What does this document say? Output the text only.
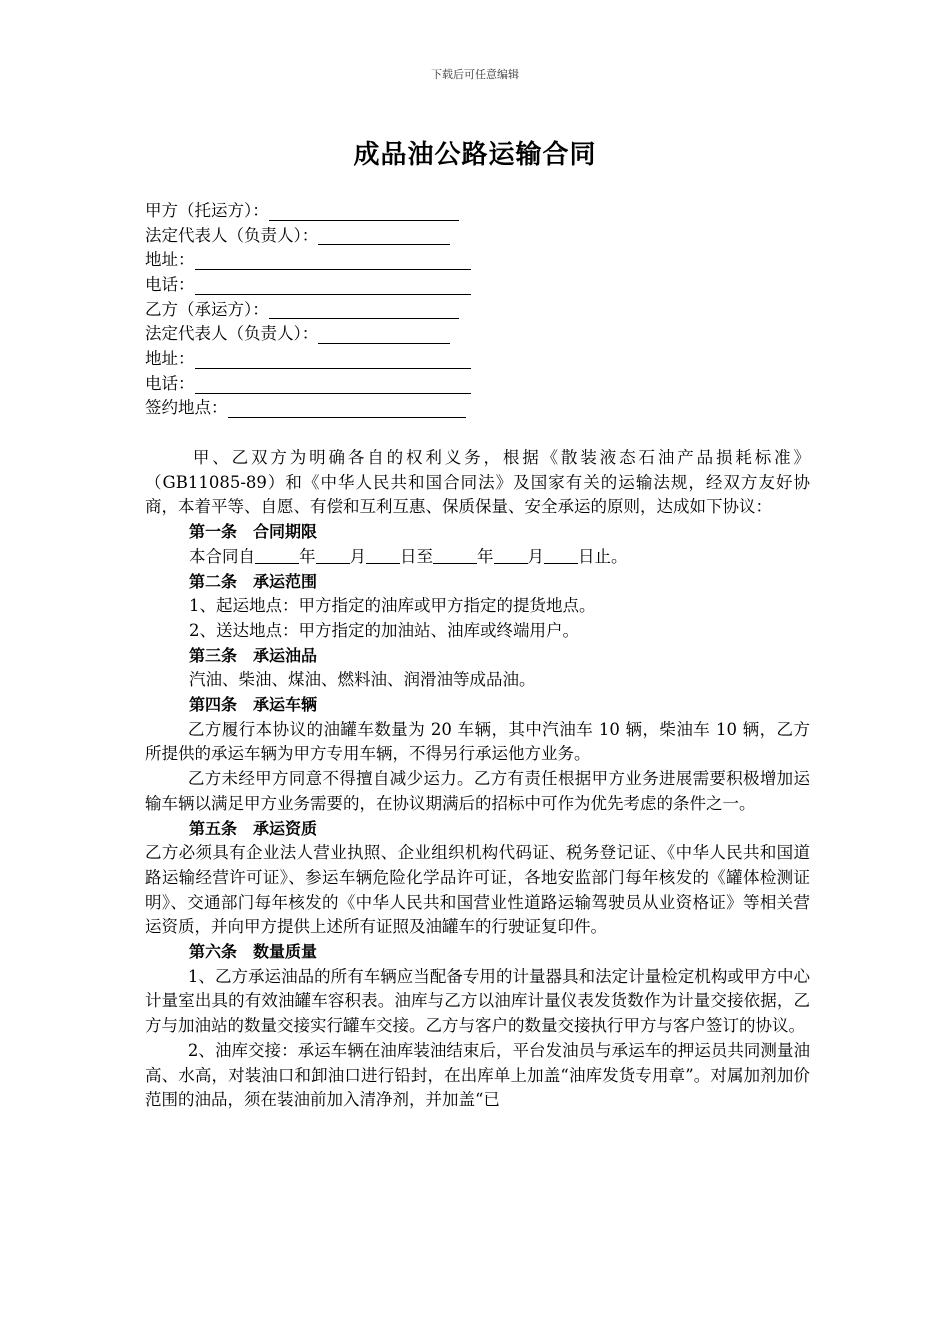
下载后可任意编辑
成品油公路运输合同
甲方（托运方）：
法定代表人（负责人）：
地址：
电话：
乙方（承运方）：
法定代表人（负责人）：
地址：
电话：
签约地点：

甲、乙双方为明确各自的权利义务，根据《散装液态石油产品损耗标准》（GB11085-89）和《中华人民共和国合同法》及国家有关的运输法规，经双方友好协商，本着平等、自愿、有偿和互利互惠、保质保量、安全承运的原则，达成如下协议：

第一条　合同期限

本合同自	年 月 日至	年 月 日止。

第二条　承运范围

1、起运地点：甲方指定的油库或甲方指定的提货地点。

2、送达地点：甲方指定的加油站、油库或终端用户。

第三条　承运油品

汽油、柴油、煤油、燃料油、润滑油等成品油。

第四条　承运车辆

乙方履行本协议的油罐车数量为 20 车辆，其中汽油车 10 辆，柴油车 10 辆，乙方所提供的承运车辆为甲方专用车辆，不得另行承运他方业务。

乙方未经甲方同意不得擅自减少运力。乙方有责任根据甲方业务进展需要积极增加运输车辆以满足甲方业务需要的，在协议期满后的招标中可作为优先考虑的条件之一。

第五条　承运资质

乙方必须具有企业法人营业执照、企业组织机构代码证、税务登记证、《中华人民共和国道路运输经营许可证》、参运车辆危险化学品许可证，各地安监部门每年核发的《罐体检测证明》、交通部门每年核发的《中华人民共和国营业性道路运输驾驶员从业资格证》等相关营运资质，并向甲方提供上述所有证照及油罐车的行驶证复印件。

第六条　数量质量

1、乙方承运油品的所有车辆应当配备专用的计量器具和法定计量检定机构或甲方中心计量室出具的有效油罐车容积表。油库与乙方以油库计量仪表发货数作为计量交接依据，乙方与加油站的数量交接实行罐车交接。乙方与客户的数量交接执行甲方与客户签订的协议。

2、油库交接：承运车辆在油库装油结束后，平台发油员与承运车的押运员共同测量油高、水高，对装油口和卸油口进行铅封，在出库单上加盖“油库发货专用章”。对属加剂加价范围的油品，须在装油前加入清净剂，并加盖“已
